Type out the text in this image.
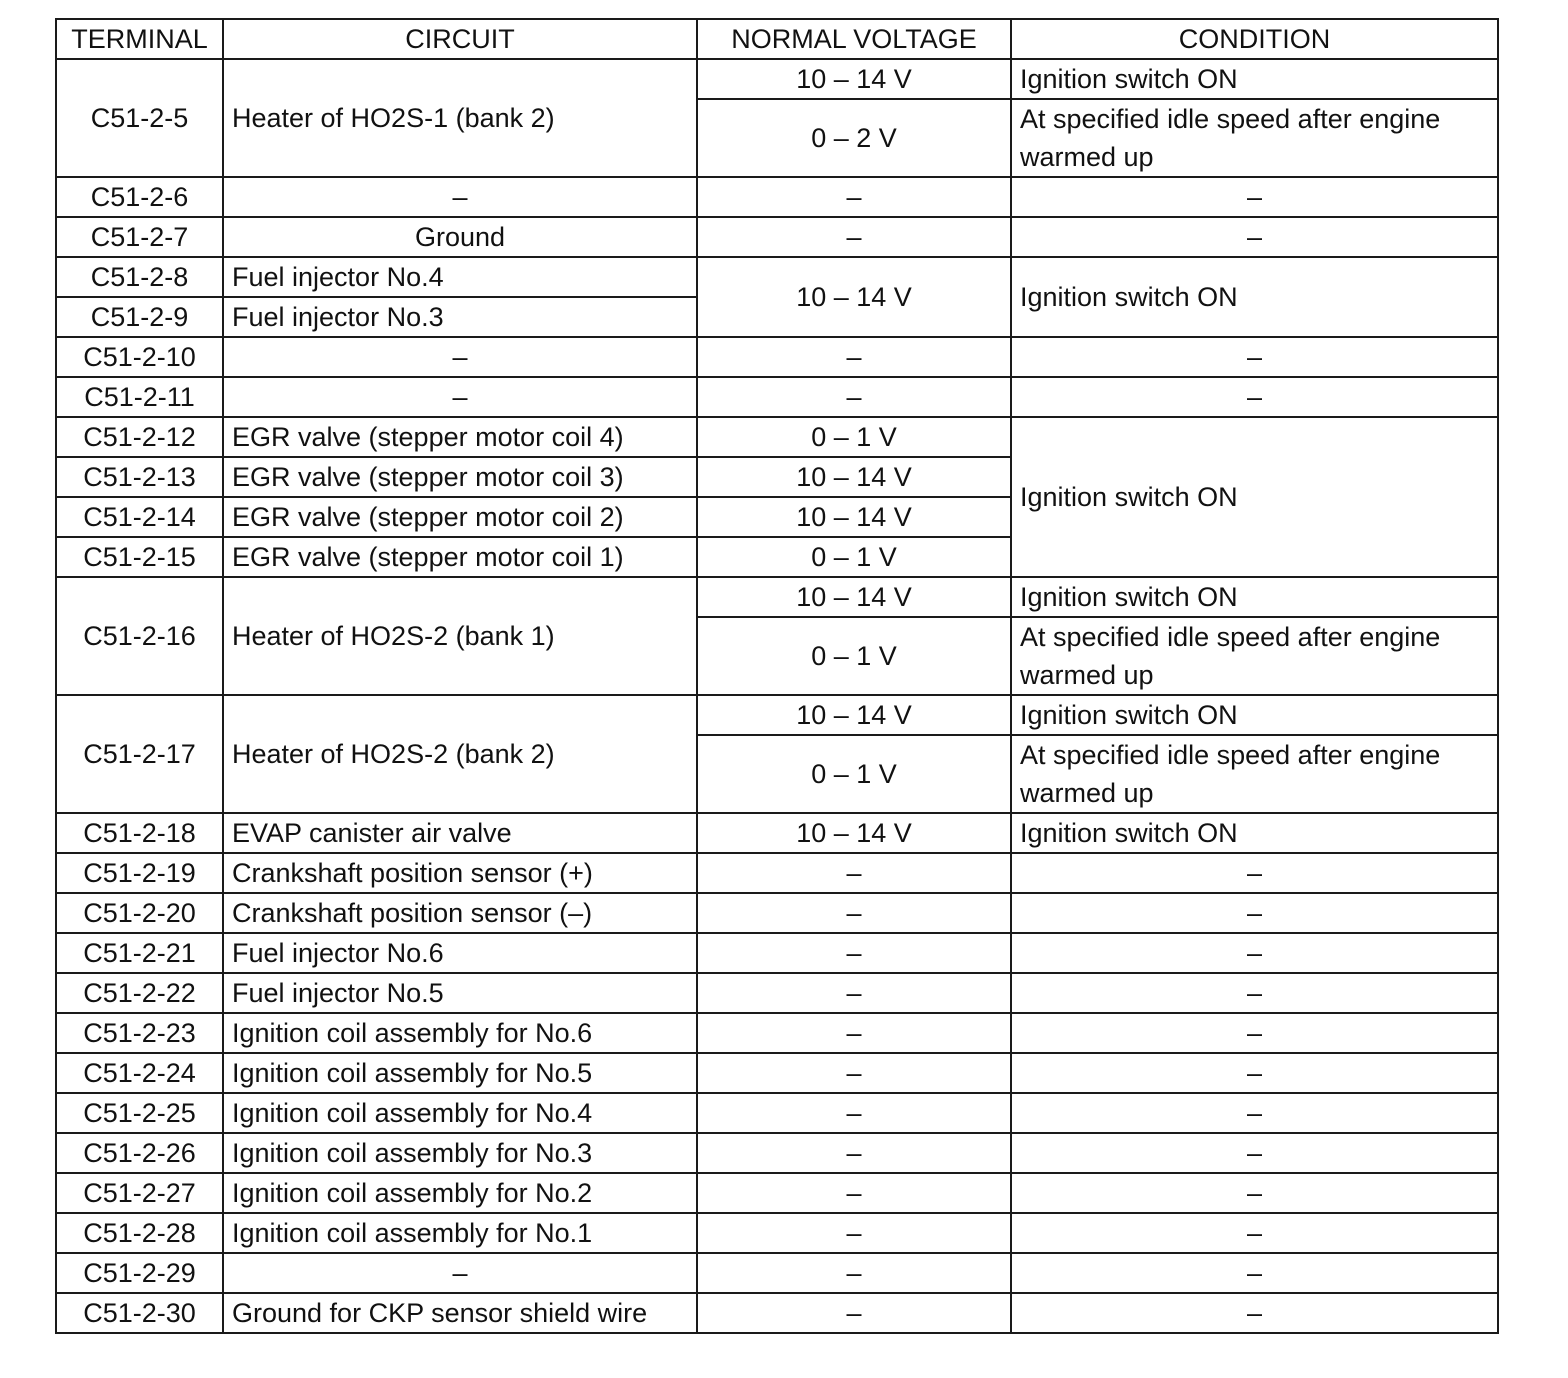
TERMINAL	CIRCUIT	NORMAL VOLTAGE	CONDITION
C51-2-5	Heater of HO2S-1 (bank 2)	10 – 14 V	Ignition switch ON
		0 – 2 V	At specified idle speed after engine warmed up

C51-2-6	–	–	–
C51-2-7	Ground	–	–
C51-2-8	Fuel injector No.4	10 – 14 V	Ignition switch ON
C51-2-9	Fuel injector No.3		
C51-2-10	–	–	–
C51-2-11	–	–	–
C51-2-12	EGR valve (stepper motor coil 4)	0 – 1 V	Ignition switch ON
C51-2-13	EGR valve (stepper motor coil 3)	10 – 14 V	
C51-2-14	EGR valve (stepper motor coil 2)	10 – 14 V	
C51-2-15	EGR valve (stepper motor coil 1)	0 – 1 V	
C51-2-16	Heater of HO2S-2 (bank 1)	10 – 14 V	Ignition switch ON
		0 – 1 V	At specified idle speed after engine warmed up

C51-2-17	Heater of HO2S-2 (bank 2)	10 – 14 V	Ignition switch ON
		0 – 1 V	At specified idle speed after engine warmed up

C51-2-18	EVAP canister air valve	10 – 14 V	Ignition switch ON
C51-2-19	Crankshaft position sensor (+)	–	–
C51-2-20	Crankshaft position sensor (–)	–	–
C51-2-21	Fuel injector No.6	–	–
C51-2-22	Fuel injector No.5	–	–
C51-2-23	Ignition coil assembly for No.6	–	–
C51-2-24	Ignition coil assembly for No.5	–	–
C51-2-25	Ignition coil assembly for No.4	–	–
C51-2-26	Ignition coil assembly for No.3	–	–
C51-2-27	Ignition coil assembly for No.2	–	–
C51-2-28	Ignition coil assembly for No.1	–	–
C51-2-29	–	–	–
C51-2-30	Ground for CKP sensor shield wire	–	–
